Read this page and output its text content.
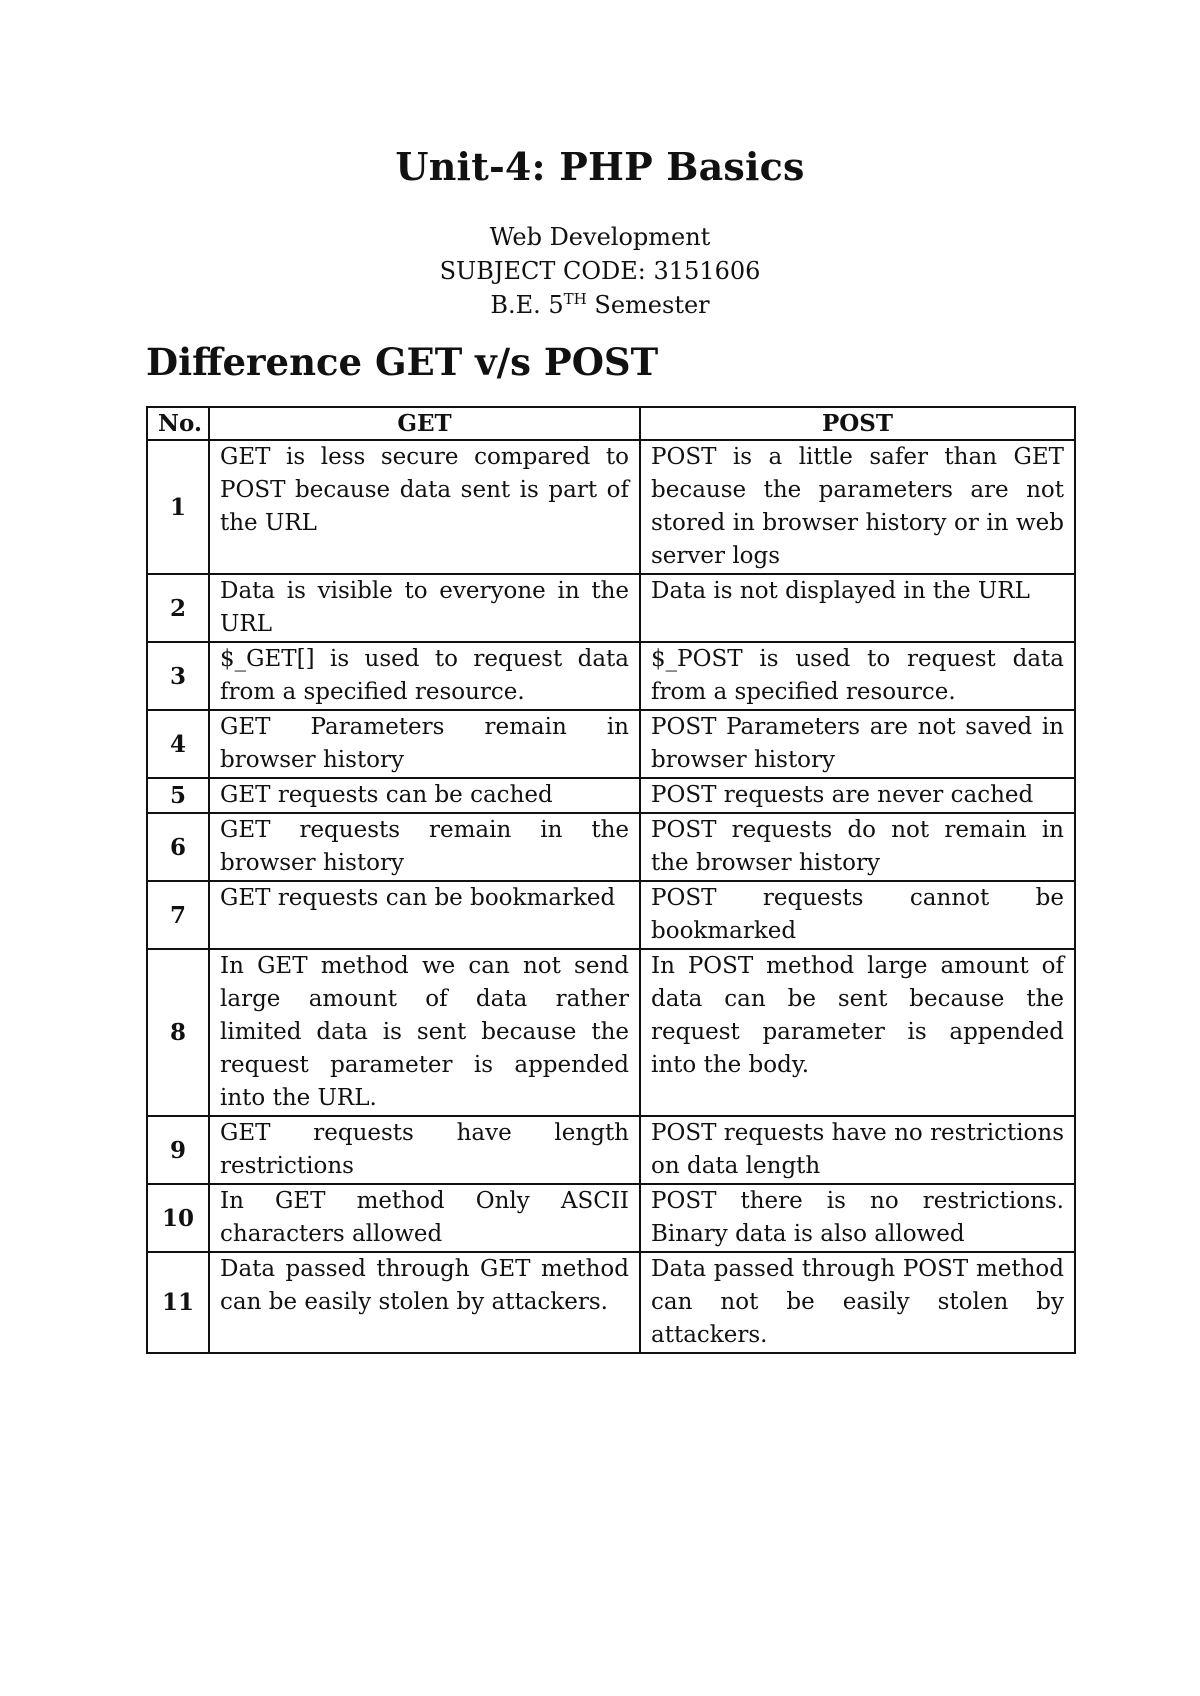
Unit-4: PHP Basics
Web Development
SUBJECT CODE: 3151606
B.E. 5TH Semester
Difference GET v/s POST
No.	GET	POST
1	GET is less secure compared to POST because data sent is part of the URL	POST is a little safer than GET because the parameters are not stored in browser history or in web server logs
2	Data is visible to everyone in the URL	Data is not displayed in the URL
3	$_GET[] is used to request data from a specified resource.	$_POST is used to request data from a specified resource.
4	GET Parameters remain in browser history	POST Parameters are not saved in browser history
5	GET requests can be cached	POST requests are never cached
6	GET requests remain in the browser history	POST requests do not remain in the browser history
7	GET requests can be bookmarked	POST requests cannot be bookmarked
8	In GET method we can not send large amount of data rather limited data is sent because the request parameter is appended into the URL.	In POST method large amount of data can be sent because the request parameter is appended into the body.
9	GET requests have length restrictions	POST requests have no restrictions on data length
10	In GET method Only ASCII characters allowed	POST there is no restrictions. Binary data is also allowed
11	Data passed through GET method can be easily stolen by attackers.	Data passed through POST method can not be easily stolen by attackers.
